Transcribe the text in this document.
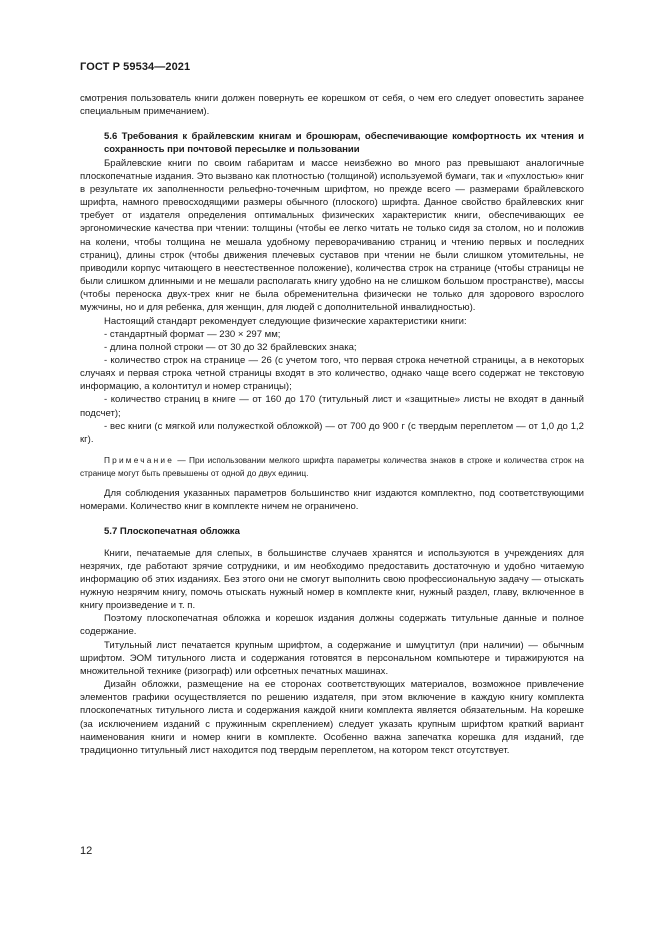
ГОСТ Р 59534—2021

смотрения пользователь книги должен повернуть ее корешком от себя, о чем его следует оповестить заранее специальным примечанием).

5.6 Требования к брайлевским книгам и брошюрам, обеспечивающие комфортность их чтения и сохранность при почтовой пересылке и пользовании

Брайлевские книги по своим габаритам и массе неизбежно во много раз превышают аналогичные плоскопечатные издания. Это вызвано как плотностью (толщиной) используемой бумаги, так и «пухлостью» книг в результате их заполненности рельефно-точечным шрифтом, но прежде всего — размерами брайлевского шрифта, намного превосходящими размеры обычного (плоского) шрифта. Данное свойство брайлевских книг требует от издателя определения оптимальных физических характеристик книги, обеспечивающих ее эргономические качества при чтении: толщины (чтобы ее легко читать не только сидя за столом, но и положив на колени, чтобы толщина не мешала удобному переворачиванию страниц и чтению первых и последних страниц), длины строк (чтобы движения плечевых суставов при чтении не были слишком утомительны, не приводили корпус читающего в неестественное положение), количества строк на странице (чтобы страницы не были слишком длинными и не мешали располагать книгу удобно на не слишком большом пространстве), массы (чтобы переноска двух-трех книг не была обременительна физически не только для здорового взрослого мужчины, но и для ребенка, для женщин, для людей с дополнительной инвалидностью).

Настоящий стандарт рекомендует следующие физические характеристики книги:

- стандартный формат — 230 × 297 мм;

- длина полной строки — от 30 до 32 брайлевских знака;

- количество строк на странице — 26 (с учетом того, что первая строка нечетной страницы, а в некоторых случаях и первая строка четной страницы входят в это количество, однако чаще всего содержат не текстовую информацию, а колонтитул и номер страницы);

- количество страниц в книге — от 160 до 170 (титульный лист и «защитные» листы не входят в данный подсчет);

- вес книги (с мягкой или полужесткой обложкой) — от 700 до 900 г (с твердым переплетом — от 1,0 до 1,2 кг).

Примечание — При использовании мелкого шрифта параметры количества знаков в строке и количества строк на странице могут быть превышены от одной до двух единиц.

Для соблюдения указанных параметров большинство книг издаются комплектно, под соответствующими номерами. Количество книг в комплекте ничем не ограничено.

5.7 Плоскопечатная обложка

Книги, печатаемые для слепых, в большинстве случаев хранятся и используются в учреждениях для незрячих, где работают зрячие сотрудники, и им необходимо предоставить достаточную и удобно читаемую информацию об этих изданиях. Без этого они не смогут выполнить свою профессиональную задачу — отыскать нужную незрячим книгу, помочь отыскать нужный номер в комплекте книг, нужный раздел, главу, включенное в книгу произведение и т. п.

Поэтому плоскопечатная обложка и корешок издания должны содержать титульные данные и полное содержание.

Титульный лист печатается крупным шрифтом, а содержание и шмуцтитул (при наличии) — обычным шрифтом. ЭОМ титульного листа и содержания готовятся в персональном компьютере и тиражируются на множительной технике (ризограф) или офсетных печатных машинах.

Дизайн обложки, размещение на ее сторонах соответствующих материалов, возможное привлечение элементов графики осуществляется по решению издателя, при этом включение в каждую книгу комплекта плоскопечатных титульного листа и содержания каждой книги комплекта является обязательным. На корешке (за исключением изданий с пружинным скреплением) следует указать крупным шрифтом краткий вариант наименования книги и номер книги в комплекте. Особенно важна запечатка корешка для изданий, где традиционно титульный лист находится под твердым переплетом, на котором текст отсутствует.

12
